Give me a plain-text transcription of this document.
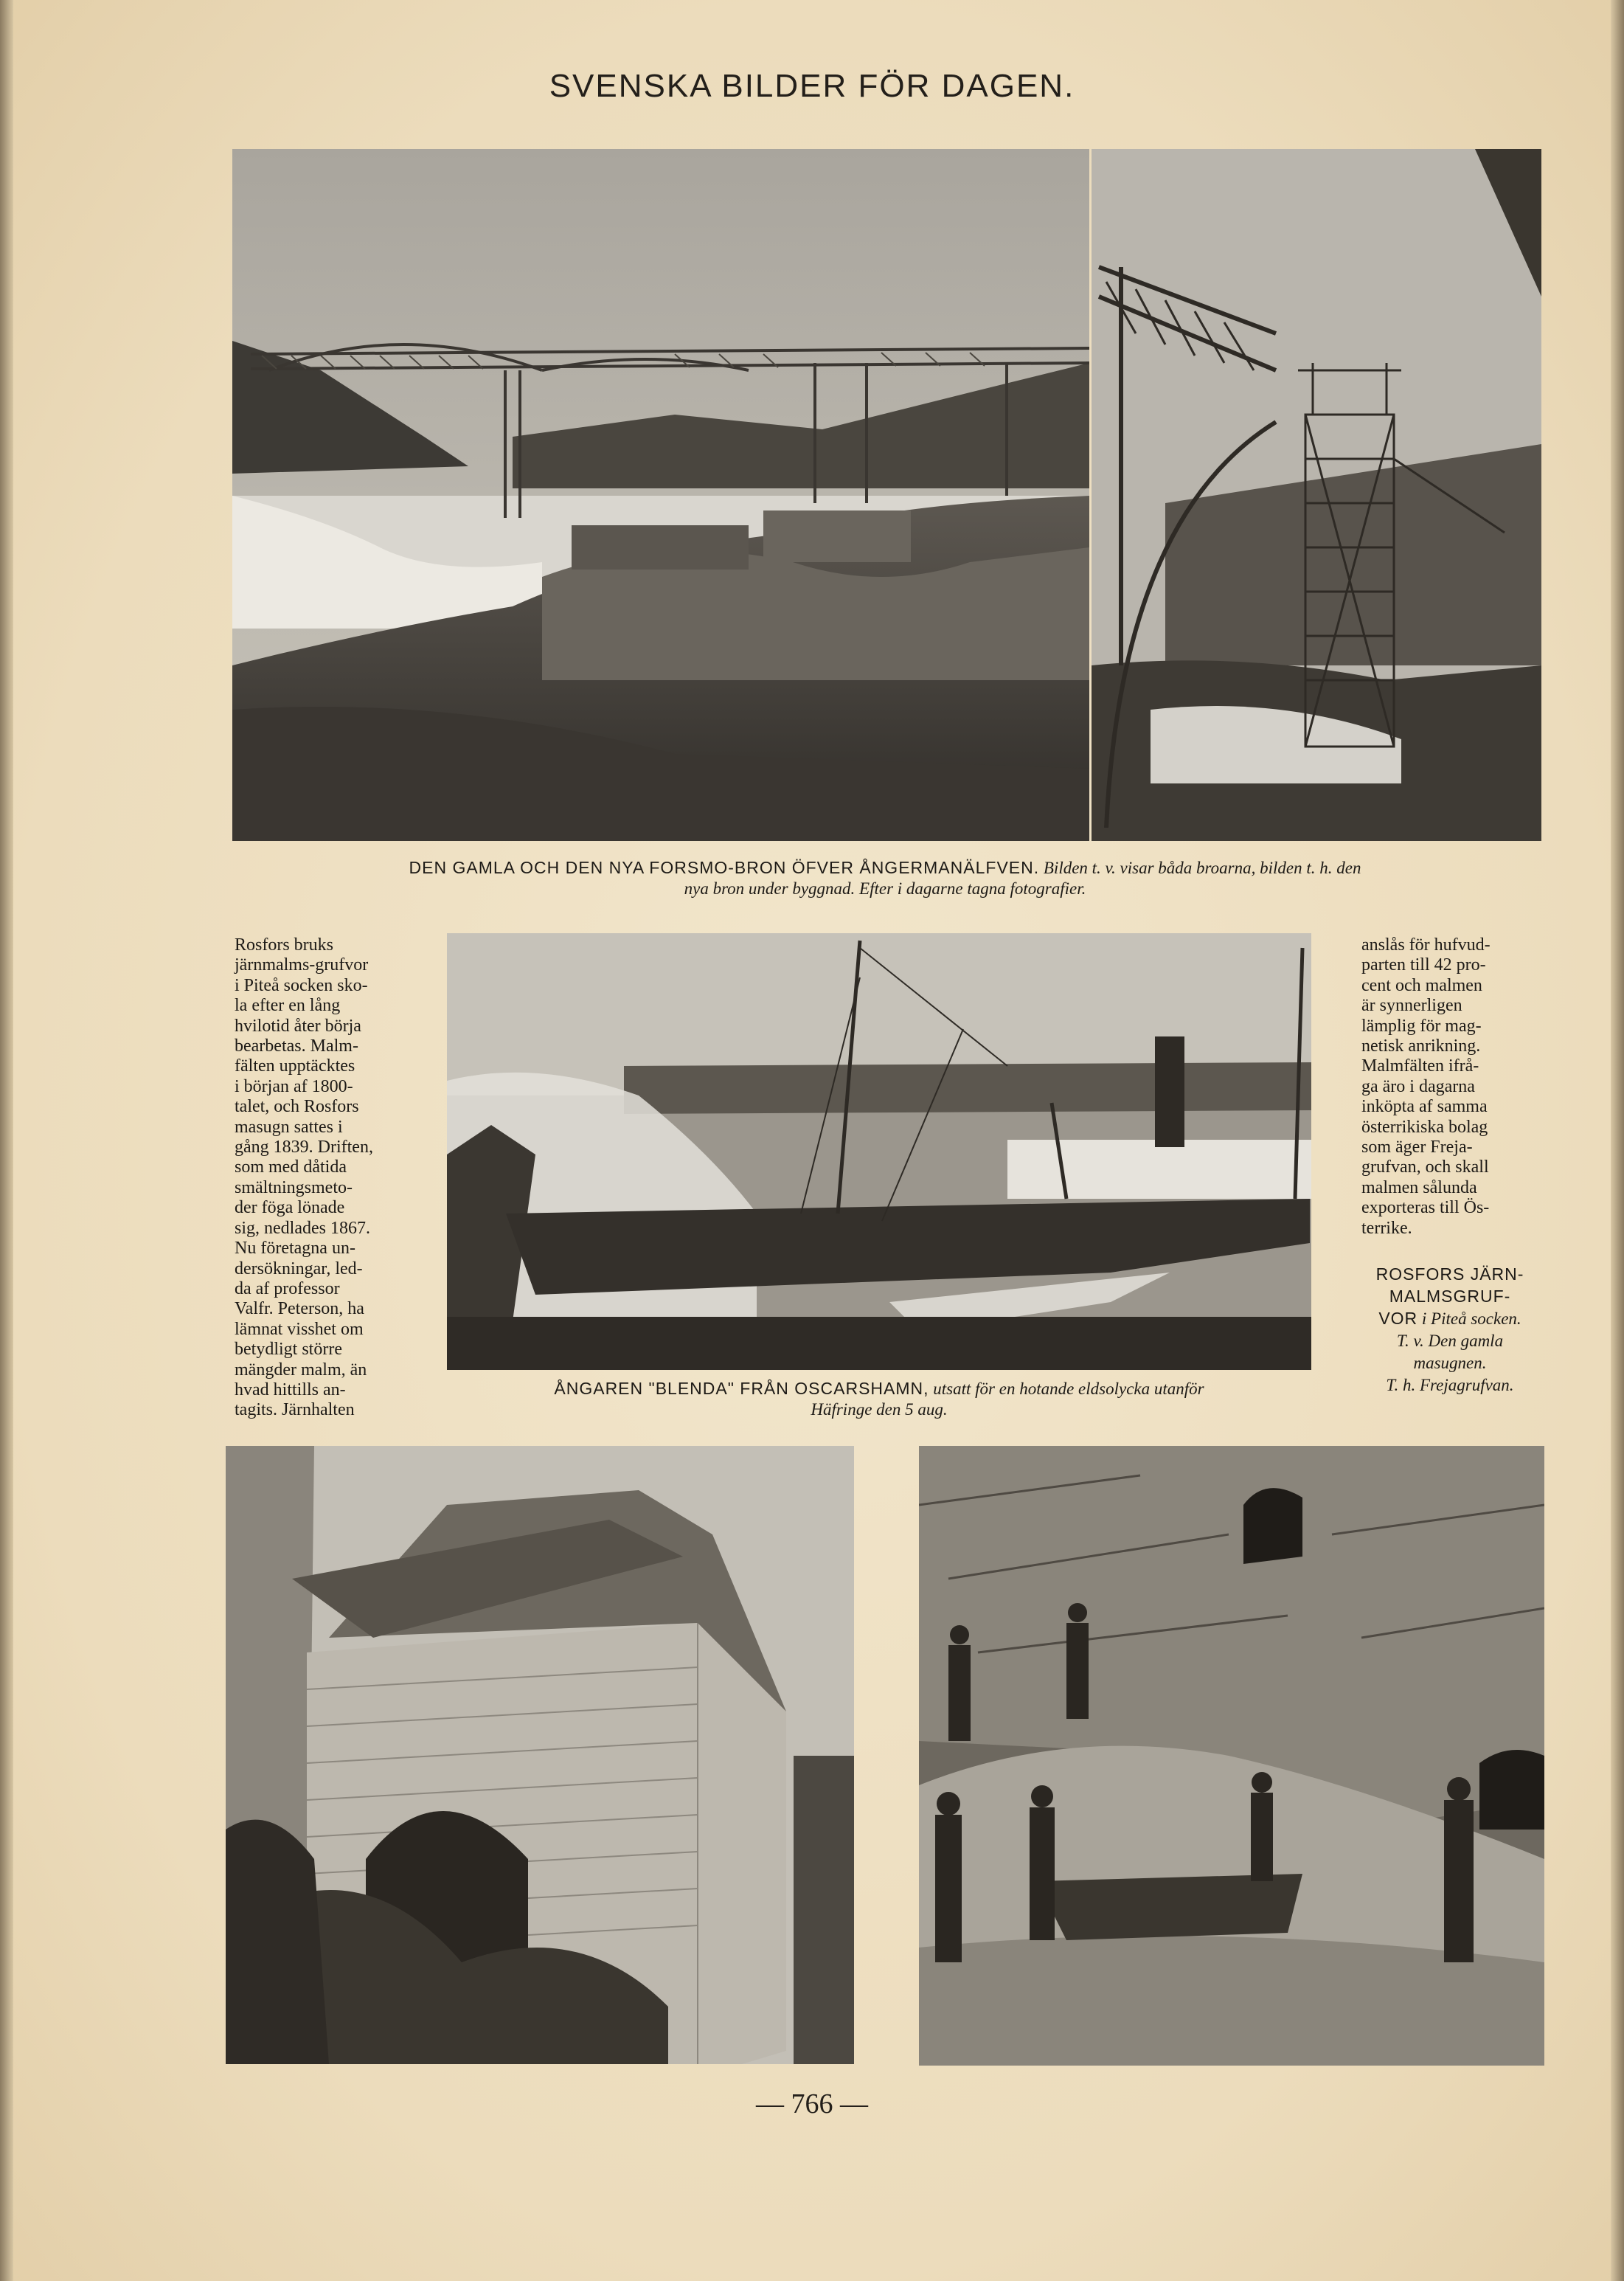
SVENSKA BILDER FÖR DAGEN.
DEN GAMLA OCH DEN NYA FORSMO-BRON ÖFVER ÅNGERMANÄLFVEN. Bilden t. v. visar båda broarna, bilden t. h. den
nya bron under byggnad. Efter i dagarne tagna fotografier.
Rosfors bruks
järnmalms-grufvor
i Piteå socken sko-
la efter en lång
hvilotid åter börja
bearbetas. Malm-
fälten upptäcktes
i början af 1800-
talet, och Rosfors
masugn sattes i
gång 1839. Driften,
som med dåtida
smältningsmeto-
der föga lönade
sig, nedlades 1867.
Nu företagna un-
dersökningar, led-
da af professor
Valfr. Peterson, ha
lämnat visshet om
betydligt större
mängder malm, än
hvad hittills an-
tagits. Järnhalten
ÅNGAREN "BLENDA" FRÅN OSCARSHAMN, utsatt för en hotande eldsolycka utanför
Häfringe den 5 aug.
anslås för hufvud-
parten till 42 pro-
cent och malmen
är synnerligen
lämplig för mag-
netisk anrikning.
Malmfälten ifrå-
ga äro i dagarna
inköpta af samma
österrikiska bolag
som äger Freja-
grufvan, och skall
malmen sålunda
exporteras till Ös-
terrike.
ROSFORS JÄRN-
MALMSGRUF-
VOR i Piteå socken.
T. v. Den gamla
masugnen.
T. h. Frejagrufvan.
— 766 —
